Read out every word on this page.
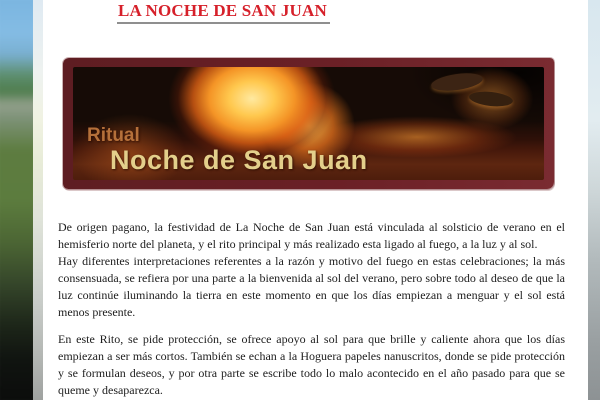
LA NOCHE DE SAN JUAN
Ritual
Noche de San Juan

De origen pagano, la festividad de La Noche de San Juan está vinculada al solsticio de verano en el hemisferio norte del planeta, y el rito principal y más realizado esta ligado al fuego, a la luz y al sol.

Hay diferentes interpretaciones referentes a la razón y motivo del fuego en estas celebraciones; la más consensuada, se refiera por una parte a la bienvenida al sol del verano, pero sobre todo al deseo de que la luz continúe iluminando la tierra en este momento en que los días empiezan a menguar y el sol está menos presente.

En este Rito, se pide protección, se ofrece apoyo al sol para que brille y caliente ahora que los días empiezan a ser más cortos. También se echan a la Hoguera papeles nanuscritos, donde se pide protección y se formulan deseos, y por otra parte se escribe todo lo malo acontecido en el año pasado para que se queme y desaparezca.
